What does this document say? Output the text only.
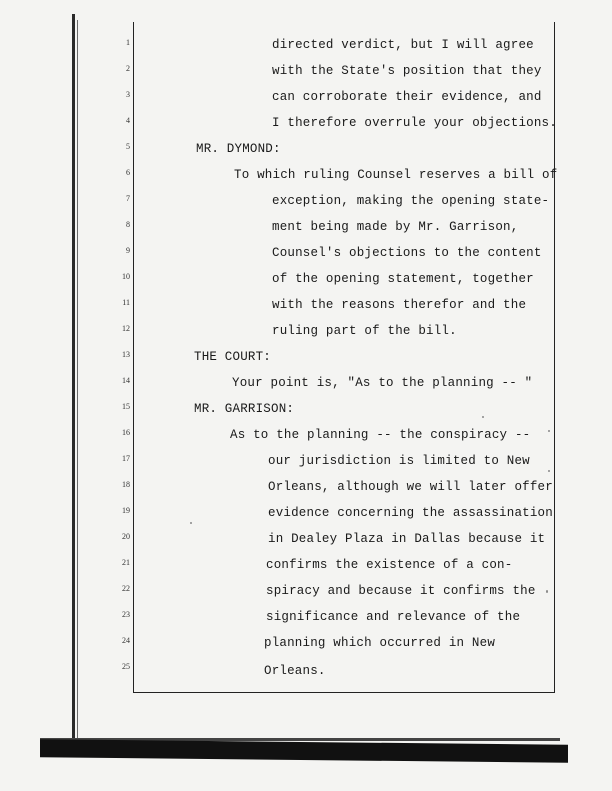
1
2
3
4
5
6
7
8
9
10
11
12
13
14
15
16
17
18
19
20
21
22
23
24
25
directed verdict, but I will agree
with the State's position that they
can corroborate their evidence, and
I therefore overrule your objections.
MR. DYMOND:
To which ruling Counsel reserves a bill of
exception, making the opening state-
ment being made by Mr. Garrison,
Counsel's objections to the content
of the opening statement, together
with the reasons therefor and the
ruling part of the bill.
THE COURT:
Your point is, "As to the planning -- "
MR. GARRISON:
As to the planning -- the conspiracy --
our jurisdiction is limited to New
Orleans, although we will later offer
evidence concerning the assassination
in Dealey Plaza in Dallas because it
confirms the existence of a con-
spiracy and because it confirms the
significance and relevance of the
planning which occurred in New
Orleans.
